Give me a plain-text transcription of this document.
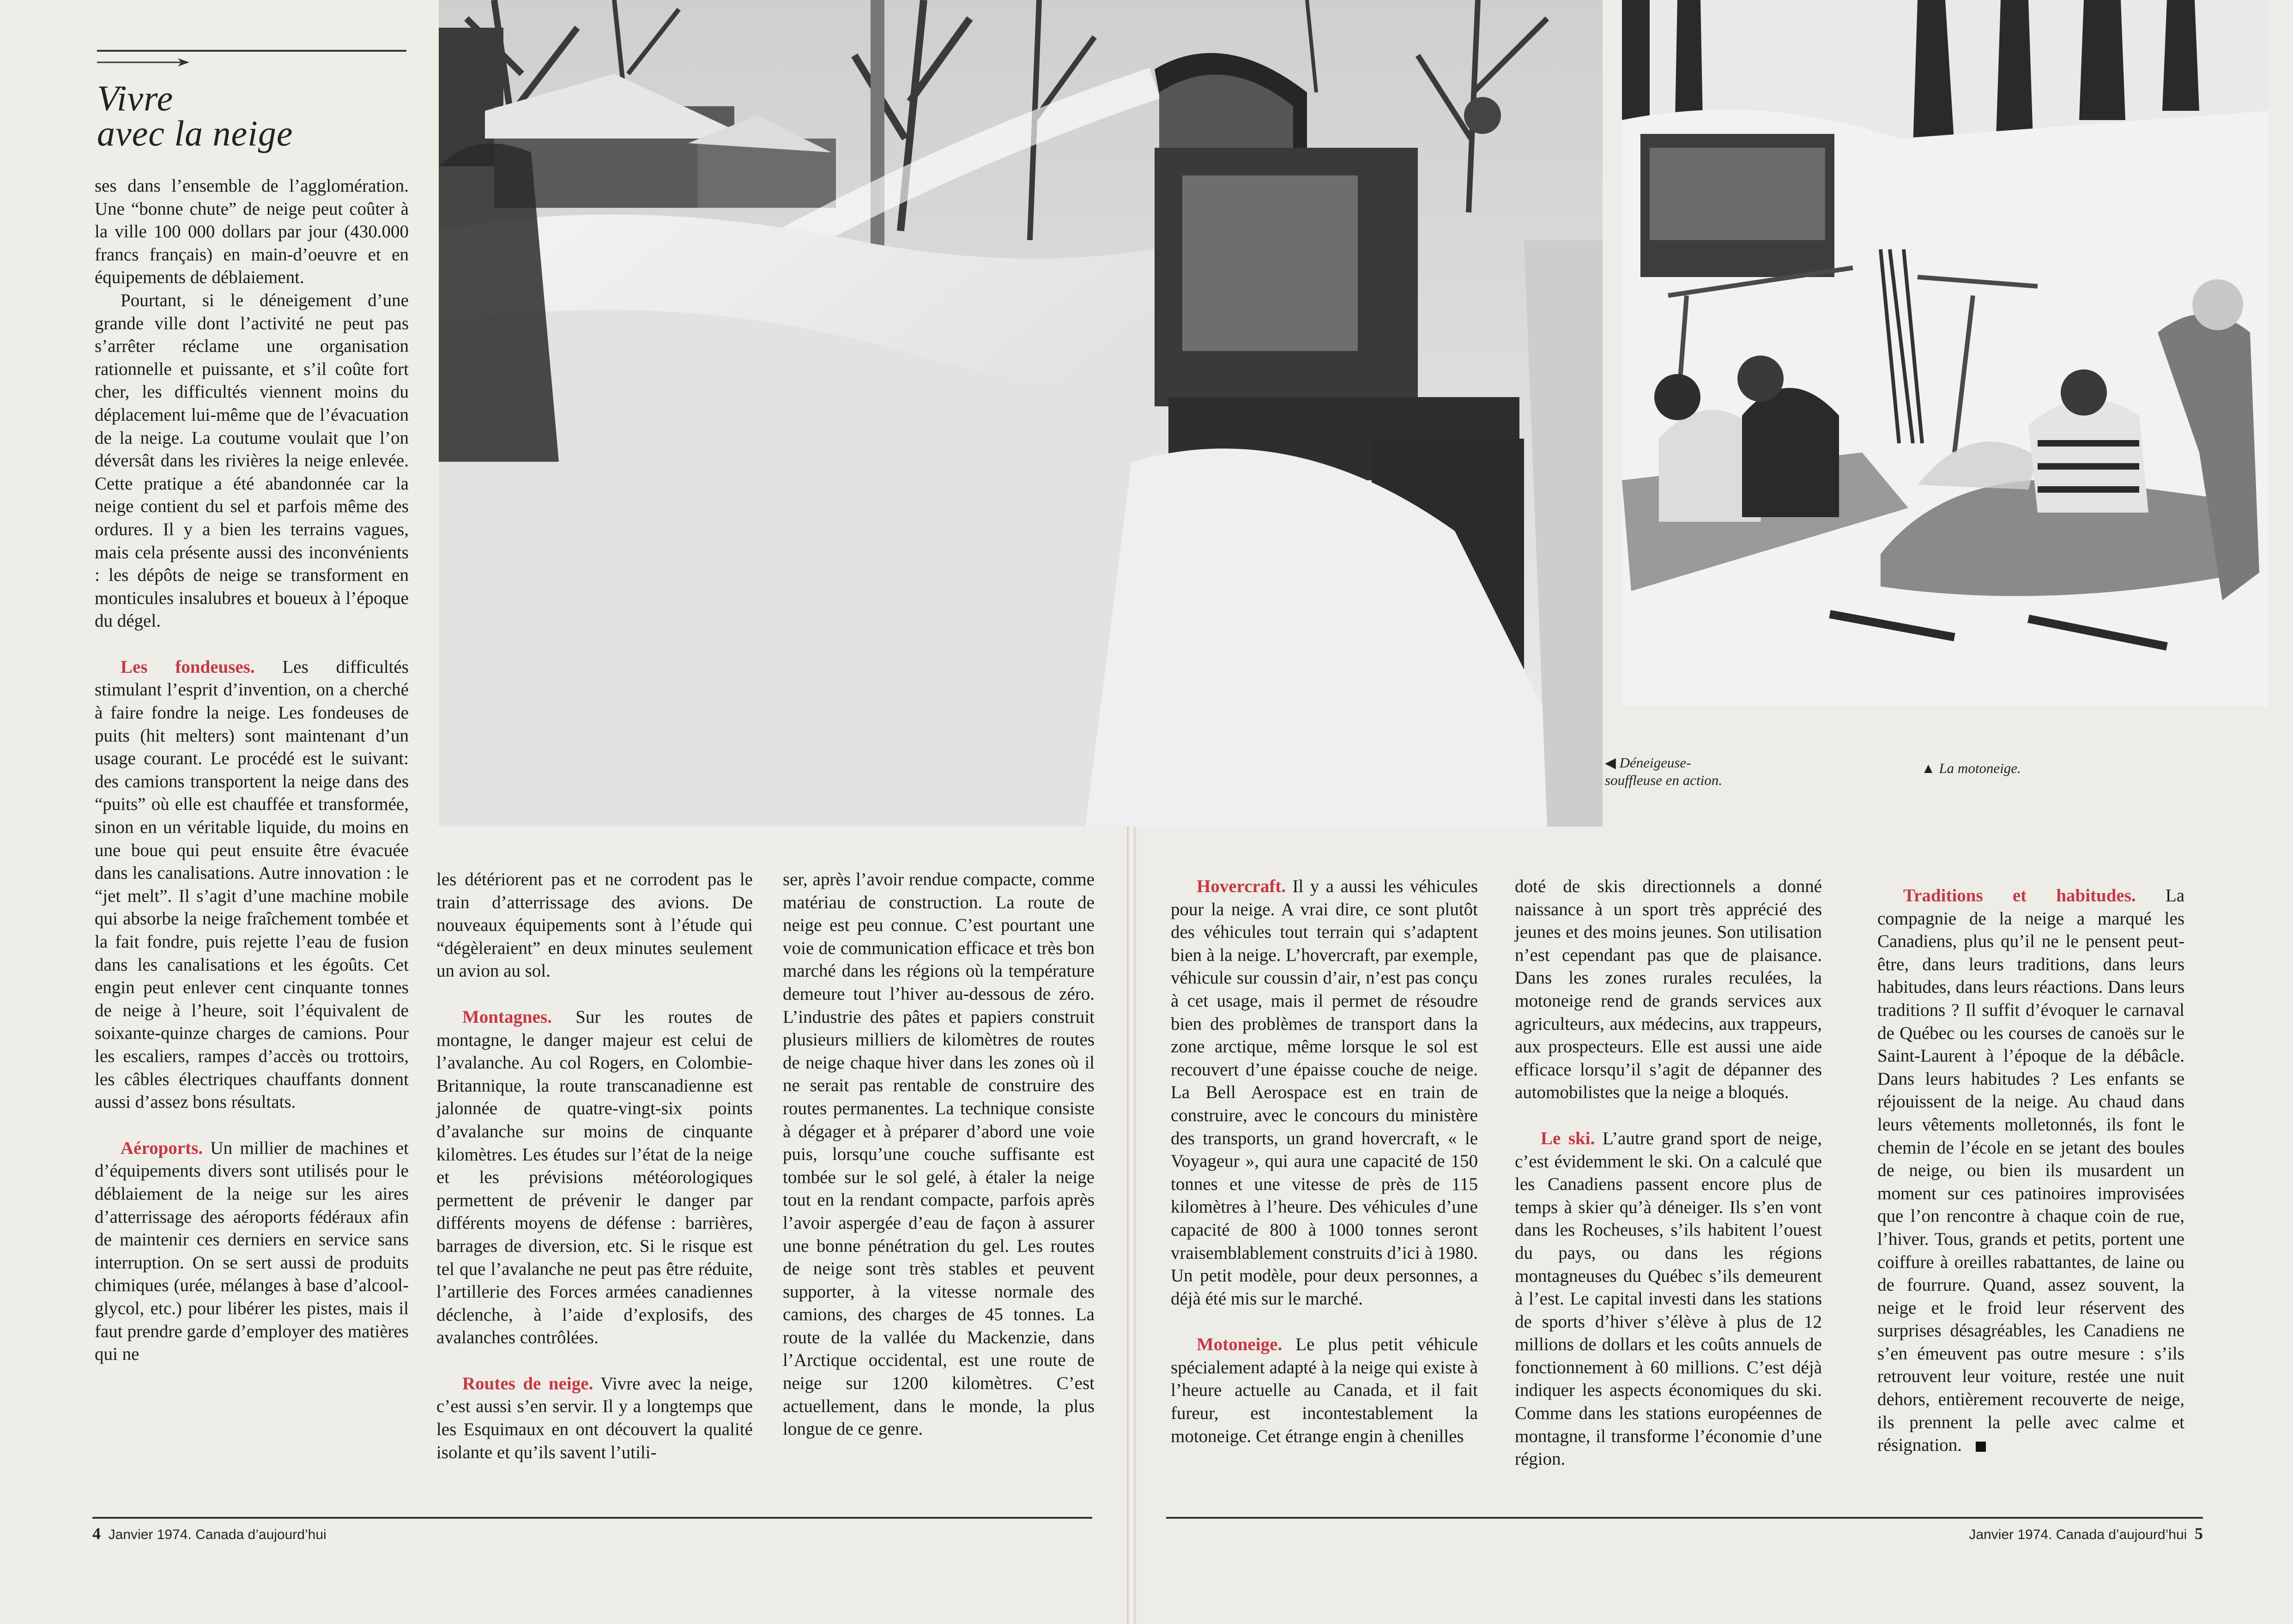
Vivre
avec la neige
◀ Déneigeuse-souffleuse en action.
▲ La motoneige.

ses dans l’ensemble de l’agglomération. Une “bonne chute” de neige peut coûter à la ville 100 000 dollars par jour (430.000 francs français) en main-d’oeuvre et en équipements de déblaiement.

Pourtant, si le déneigement d’une grande ville dont l’activité ne peut pas s’arrêter réclame une organisation rationnelle et puissante, et s’il coûte fort cher, les difficultés viennent moins du déplacement lui-même que de l’évacuation de la neige. La coutume voulait que l’on déversât dans les rivières la neige enlevée. Cette pratique a été abandonnée car la neige contient du sel et parfois même des ordures. Il y a bien les terrains vagues, mais cela présente aussi des inconvénients : les dépôts de neige se transforment en monticules insalubres et boueux à l’époque du dégel.

Les fondeuses. Les difficultés stimulant l’esprit d’invention, on a cherché à faire fondre la neige. Les fondeuses de puits (hit melters) sont maintenant d’un usage courant. Le procédé est le suivant: des camions transportent la neige dans des “puits” où elle est chauffée et transformée, sinon en un véritable liquide, du moins en une boue qui peut ensuite être évacuée dans les canalisations. Autre innovation : le “jet melt”. Il s’agit d’une machine mobile qui absorbe la neige fraîchement tombée et la fait fondre, puis rejette l’eau de fusion dans les canalisations et les égoûts. Cet engin peut enlever cent cinquante tonnes de neige à l’heure, soit l’équivalent de soixante-quinze charges de camions. Pour les escaliers, rampes d’accès ou trottoirs, les câbles électriques chauffants donnent aussi d’assez bons résultats.

Aéroports. Un millier de machines et d’équipements divers sont utilisés pour le déblaiement de la neige sur les aires d’atterrissage des aéroports fédéraux afin de maintenir ces derniers en service sans interruption. On se sert aussi de produits chimiques (urée, mélanges à base d’alcool-glycol, etc.) pour libérer les pistes, mais il faut prendre garde d’employer des matières qui ne

les détériorent pas et ne corrodent pas le train d’atterrissage des avions. De nouveaux équipements sont à l’étude qui “dégèleraient” en deux minutes seulement un avion au sol.

Montagnes. Sur les routes de montagne, le danger majeur est celui de l’avalanche. Au col Rogers, en Colombie-Britannique, la route transcanadienne est jalonnée de quatre-vingt-six points d’avalanche sur moins de cinquante kilomètres. Les études sur l’état de la neige et les prévisions météorologiques permettent de prévenir le danger par différents moyens de défense : barrières, barrages de diversion, etc. Si le risque est tel que l’avalanche ne peut pas être réduite, l’artillerie des Forces armées canadiennes déclenche, à l’aide d’explosifs, des avalanches contrôlées.

Routes de neige. Vivre avec la neige, c’est aussi s’en servir. Il y a longtemps que les Esquimaux en ont découvert la qualité isolante et qu’ils savent l’utili-

ser, après l’avoir rendue compacte, comme matériau de construction. La route de neige est peu connue. C’est pourtant une voie de communication efficace et très bon marché dans les régions où la température demeure tout l’hiver au-dessous de zéro. L’industrie des pâtes et papiers construit plusieurs milliers de kilomètres de routes de neige chaque hiver dans les zones où il ne serait pas rentable de construire des routes permanentes. La technique consiste à dégager et à préparer d’abord une voie puis, lorsqu’une couche suffisante est tombée sur le sol gelé, à étaler la neige tout en la rendant compacte, parfois après l’avoir aspergée d’eau de façon à assurer une bonne pénétration du gel. Les routes de neige sont très stables et peuvent supporter, à la vitesse normale des camions, des charges de 45 tonnes. La route de la vallée du Mackenzie, dans l’Arctique occidental, est une route de neige sur 1200 kilomètres. C’est actuellement, dans le monde, la plus longue de ce genre.

Hovercraft. Il y a aussi les véhicules pour la neige. A vrai dire, ce sont plutôt des véhicules tout terrain qui s’adaptent bien à la neige. L’hovercraft, par exemple, véhicule sur coussin d’air, n’est pas conçu à cet usage, mais il permet de résoudre bien des problèmes de transport dans la zone arctique, même lorsque le sol est recouvert d’une épaisse couche de neige. La Bell Aerospace est en train de construire, avec le concours du ministère des transports, un grand hovercraft, « le Voyageur », qui aura une capacité de 150 tonnes et une vitesse de près de 115 kilomètres à l’heure. Des véhicules d’une capacité de 800 à 1000 tonnes seront vraisemblablement construits d’ici à 1980. Un petit modèle, pour deux personnes, a déjà été mis sur le marché.

Motoneige. Le plus petit véhicule spécialement adapté à la neige qui existe à l’heure actuelle au Canada, et il fait fureur, est incontestablement la motoneige. Cet étrange engin à chenilles

doté de skis directionnels a donné naissance à un sport très apprécié des jeunes et des moins jeunes. Son utilisation n’est cependant pas que de plaisance. Dans les zones rurales reculées, la motoneige rend de grands services aux agriculteurs, aux médecins, aux trappeurs, aux prospecteurs. Elle est aussi une aide efficace lorsqu’il s’agit de dépanner des automobilistes que la neige a bloqués.

Le ski. L’autre grand sport de neige, c’est évidemment le ski. On a calculé que les Canadiens passent encore plus de temps à skier qu’à déneiger. Ils s’en vont dans les Rocheuses, s’ils habitent l’ouest du pays, ou dans les régions montagneuses du Québec s’ils demeurent à l’est. Le capital investi dans les stations de sports d’hiver s’élève à plus de 12 millions de dollars et les coûts annuels de fonctionnement à 60 millions. C’est déjà indiquer les aspects économiques du ski. Comme dans les stations européennes de montagne, il transforme l’économie d’une région.

Traditions et habitudes. La compagnie de la neige a marqué les Canadiens, plus qu’il ne le pensent peut-être, dans leurs traditions, dans leurs habitudes, dans leurs réactions. Dans leurs traditions ? Il suffit d’évoquer le carnaval de Québec ou les courses de canoës sur le Saint-Laurent à l’époque de la débâcle. Dans leurs habitudes ? Les enfants se réjouissent de la neige. Au chaud dans leurs vêtements molletonnés, ils font le chemin de l’école en se jetant des boules de neige, ou bien ils musardent un moment sur ces patinoires improvisées que l’on rencontre à chaque coin de rue, l’hiver. Tous, grands et petits, portent une coiffure à oreilles rabattantes, de laine ou de fourrure. Quand, assez souvent, la neige et le froid leur réservent des surprises désagréables, les Canadiens ne s’en émeuvent pas outre mesure : s’ils retrouvent leur voiture, restée une nuit dehors, entièrement recouverte de neige, ils prennent la pelle avec calme et résignation.

4 Janvier 1974. Canada d’aujourd’hui	Janvier 1974. Canada d’aujourd’hui 5
